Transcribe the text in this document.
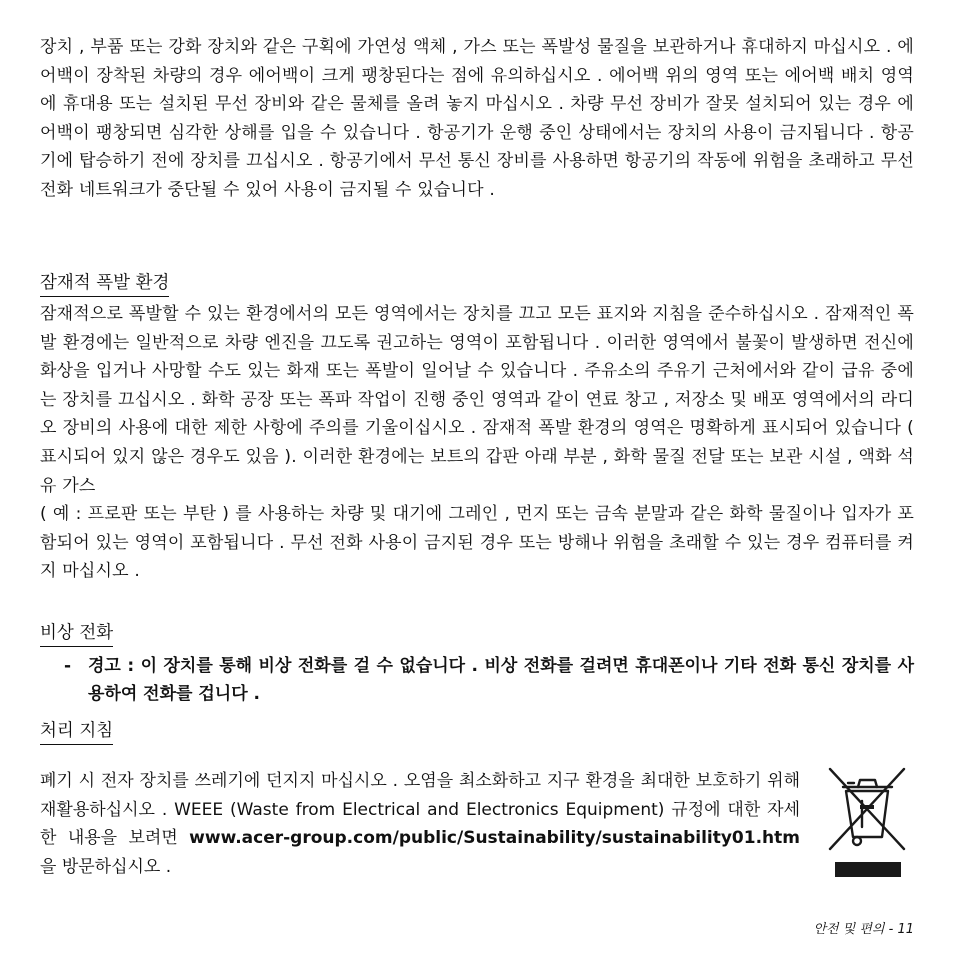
장치 , 부품 또는 강화 장치와 같은 구획에 가연성 액체 , 가스 또는 폭발성 물질을 보관하거나 휴대하지 마십시오 . 에어백이 장착된 차량의 경우 에어백이 크게 팽창된다는 점에 유의하십시오 . 에어백 위의 영역 또는 에어백 배치 영역에 휴대용 또는 설치된 무선 장비와 같은 물체를 올려 놓지 마십시오 . 차량 무선 장비가 잘못 설치되어 있는 경우 에어백이 팽창되면 심각한 상해를 입을 수 있습니다 . 항공기가 운행 중인 상태에서는 장치의 사용이 금지됩니다 . 항공기에 탑승하기 전에 장치를 끄십시오 . 항공기에서 무선 통신 장비를 사용하면 항공기의 작동에 위험을 초래하고 무선 전화 네트워크가 중단될 수 있어 사용이 금지될 수 있습니다 .

잠재적 폭발 환경

잠재적으로 폭발할 수 있는 환경에서의 모든 영역에서는 장치를 끄고 모든 표지와 지침을 준수하십시오 . 잠재적인 폭발 환경에는 일반적으로 차량 엔진을 끄도록 권고하는 영역이 포함됩니다 . 이러한 영역에서 불꽃이 발생하면 전신에 화상을 입거나 사망할 수도 있는 화재 또는 폭발이 일어날 수 있습니다 . 주유소의 주유기 근처에서와 같이 급유 중에는 장치를 끄십시오 . 화학 공장 또는 폭파 작업이 진행 중인 영역과 같이 연료 창고 , 저장소 및 배포 영역에서의 라디오 장비의 사용에 대한 제한 사항에 주의를 기울이십시오 . 잠재적 폭발 환경의 영역은 명확하게 표시되어 있습니다 ( 표시되어 있지 않은 경우도 있음 ). 이러한 환경에는 보트의 갑판 아래 부분 , 화학 물질 전달 또는 보관 시설 , 액화 석유 가스

( 예 : 프로판 또는 부탄 ) 를 사용하는 차량 및 대기에 그레인 , 먼지 또는 금속 분말과 같은 화학 물질이나 입자가 포함되어 있는 영역이 포함됩니다 . 무선 전화 사용이 금지된 경우 또는 방해나 위험을 초래할 수 있는 경우 컴퓨터를 켜지 마십시오 .

비상 전화
- 경고 : 이 장치를 통해 비상 전화를 걸 수 없습니다 . 비상 전화를 걸려면 휴대폰이나 기타 전화 통신 장치를 사용하여 전화를 겁니다 .
처리 지침

폐기 시 전자 장치를 쓰레기에 던지지 마십시오 . 오염을 최소화하고 지구 환경을 최대한 보호하기 위해 재활용하십시오 . WEEE (Waste from Electrical and Electronics Equipment) 규정에 대한 자세한 내용을 보려면 www.acer-group.com/public/Sustainability/sustainability01.htm 을 방문하십시오 .

안전 및 편의 - 11
